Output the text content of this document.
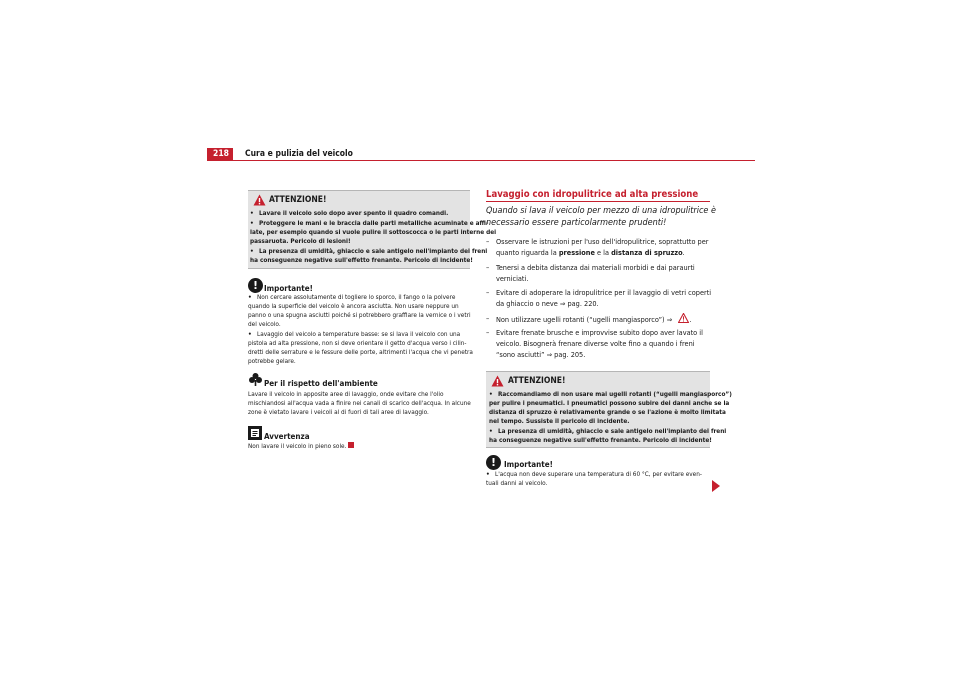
218 Cura e pulizia del veicolo
ATTENZIONE!
• Lavare il veicolo solo dopo aver spento il quadro comandi.
• Proteggere le mani e le braccia dalle parti metalliche acuminate e affi-
late, per esempio quando si vuole pulire il sottoscocca o le parti interne dei
passaruota. Pericolo di lesioni!
• La presenza di umidità, ghiaccio e sale antigelo nell'impianto dei freni
ha conseguenze negative sull'effetto frenante. Pericolo di incidente!
! Importante!
• Non cercare assolutamente di togliere lo sporco, il fango o la polvere
quando la superficie del veicolo è ancora asciutta. Non usare neppure un
panno o una spugna asciutti poiché si potrebbero graffiare la vernice o i vetri
del veicolo.
• Lavaggio del veicolo a temperature basse: se si lava il veicolo con una
pistola ad alta pressione, non si deve orientare il getto d'acqua verso i cilin-
dretti delle serrature e le fessure delle porte, altrimenti l'acqua che vi penetra
potrebbe gelare.
Per il rispetto dell'ambiente
Lavare il veicolo in apposite aree di lavaggio, onde evitare che l'olio
mischiandosi all'acqua vada a finire nei canali di scarico dell'acqua. In alcune
zone è vietato lavare i veicoli al di fuori di tali aree di lavaggio.
Avvertenza
Non lavare il veicolo in pieno sole.
Lavaggio con idropulitrice ad alta pressione
Quando si lava il veicolo per mezzo di una idropulitrice è
necessario essere particolarmente prudenti!
– Osservare le istruzioni per l'uso dell'idropulitrice, soprattutto per
quanto riguarda la pressione e la distanza di spruzzo.
– Tenersi a debita distanza dai materiali morbidi e dai paraurti
verniciati.
– Evitare di adoperare la idropulitrice per il lavaggio di vetri coperti
da ghiaccio o neve ⇒ pag. 220.
– Non utilizzare ugelli rotanti (“ugelli mangiasporco”) ⇒ .
– Evitare frenate brusche e improvvise subito dopo aver lavato il
veicolo. Bisognerà frenare diverse volte fino a quando i freni
“sono asciutti” ⇒ pag. 205.
ATTENZIONE!
• Raccomandiamo di non usare mai ugelli rotanti (“ugelli mangiasporco”)
per pulire i pneumatici. I pneumatici possono subire dei danni anche se la
distanza di spruzzo è relativamente grande o se l'azione è molto limitata
nel tempo. Sussiste il pericolo di incidente.
• La presenza di umidità, ghiaccio e sale antigelo nell'impianto dei freni
ha conseguenze negative sull'effetto frenante. Pericolo di incidente!
! Importante!
• L'acqua non deve superare una temperatura di 60 °C, per evitare even-
tuali danni al veicolo.
